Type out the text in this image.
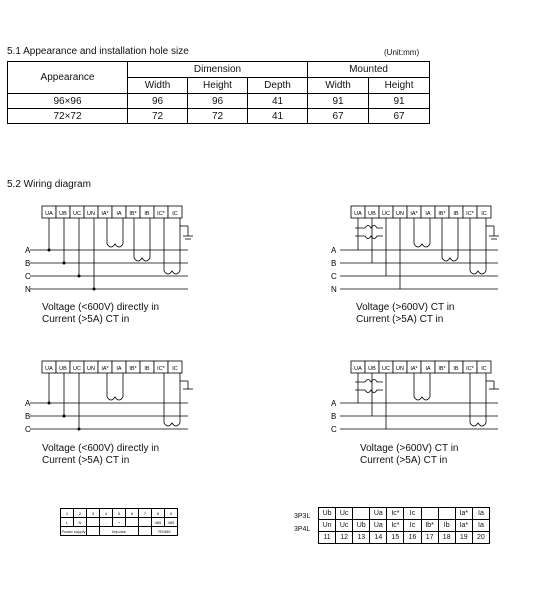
5.1 Appearance and installation hole size	(Unit:mm)
Appearance	Dimension			Mounted	
	Width	Height	Depth	Width	Height
96×96	96	96	41	91	91
72×72	72	72	41	67	67
5.2 Wiring diagram
UA UB UC UN IA* IA IB* IB IC* IC
A
B
C
N
Voltage (<600V) directly in
Current (>5A) CT in
UA UB UC UN IA* IA IB* IB IC* IC
A
B
C
N
Voltage (>600V) CT in
Current (>5A) CT in
UA UB UC UN IA* IA IB* IB IC* IC
A
B
C
Voltage (<600V) directly in
Current (>5A) CT in
UA UB UC UN IA* IA IB* IB IC* IC
A
B
C
Voltage (>600V) CT in
Current (>5A) CT in
1	2	3	4	5	6	7	8	9
L	N		-	+			485	485
Power supply			Impulse				RS485	
3P3L
3P4L
Ub	Uc		Ua	Ic*	Ic			Ia*	Ia
Un	Uc	Ub	Ua	Ic*	Ic	Ib*	Ib	Ia*	Ia
11	12	13	14	15	16	17	18	19	20
